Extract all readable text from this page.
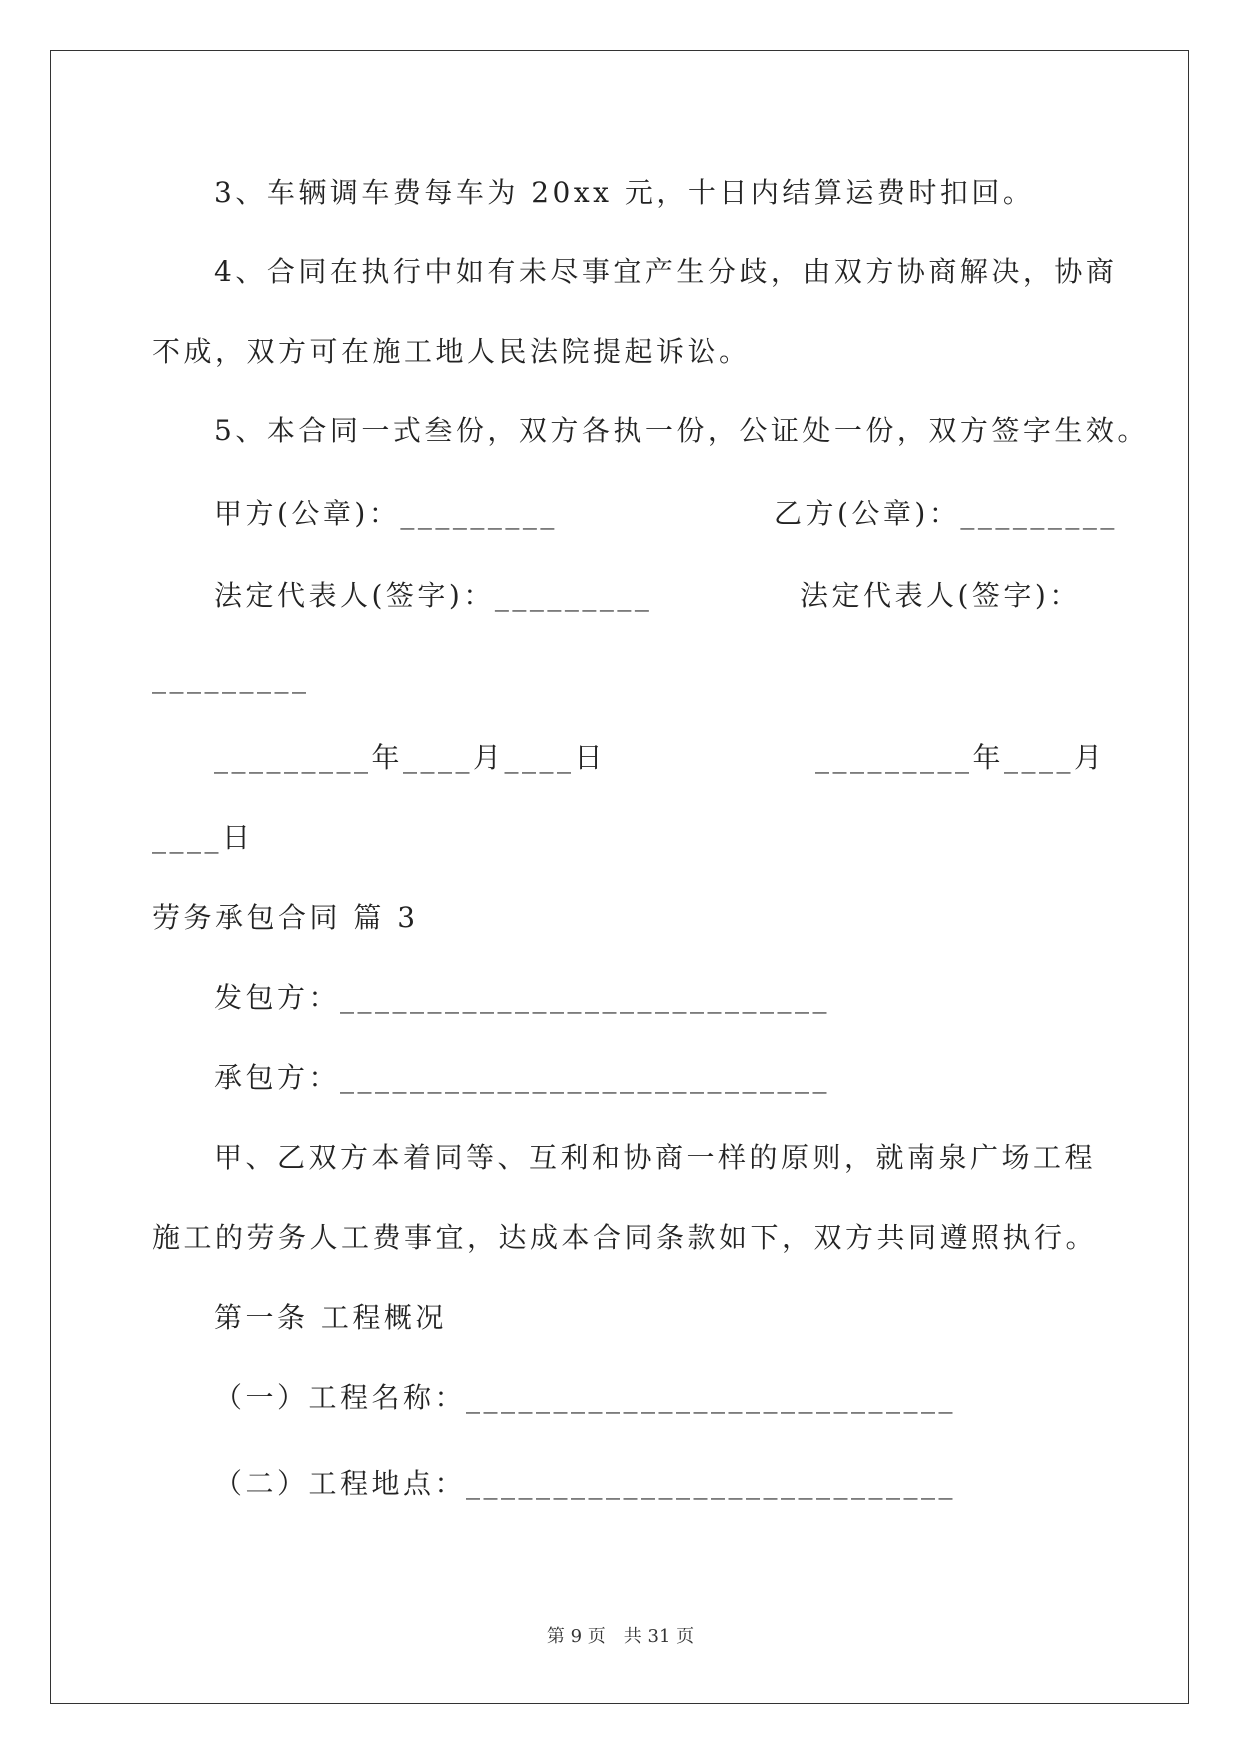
3、车辆调车费每车为 20xx 元，十日内结算运费时扣回。
4、合同在执行中如有未尽事宜产生分歧，由双方协商解决，协商
不成，双方可在施工地人民法院提起诉讼。
5、本合同一式叁份，双方各执一份，公证处一份，双方签字生效。
甲方(公章)：_________	乙方(公章)：_________
法定代表人(签字)：_________	法定代表人(签字)：
_________
_________年____月____日	_________年____月
____日
劳务承包合同 篇 3
发包方：____________________________
承包方：____________________________
甲、乙双方本着同等、互利和协商一样的原则，就南泉广场工程
施工的劳务人工费事宜，达成本合同条款如下，双方共同遵照执行。
第一条 工程概况
（一）工程名称：____________________________
（二）工程地点：____________________________
第 9 页　共 31 页
